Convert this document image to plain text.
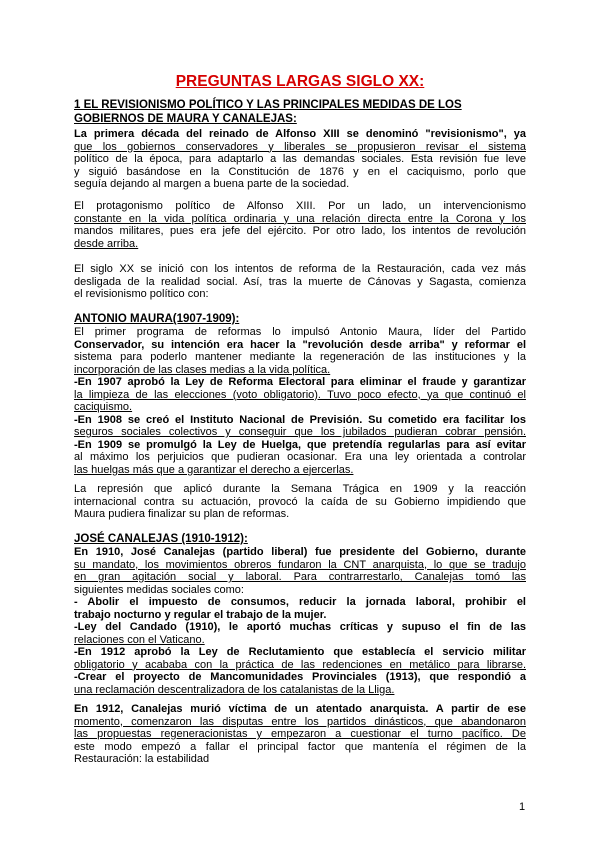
PREGUNTAS LARGAS SIGLO XX:
1 EL REVISIONISMO POLÍTICO Y LAS PRINCIPALES MEDIDAS DE LOS
GOBIERNOS DE MAURA Y CANALEJAS:
La primera década del reinado de Alfonso XIII se denominó "revisionismo", ya
que los gobiernos conservadores y liberales se propusieron revisar el sistema
político de la época, para adaptarlo a las demandas sociales. Esta revisión fue leve
y siguió basándose en la Constitución de 1876 y en el caciquismo, porlo que
seguía dejando al margen a buena parte de la sociedad.
El protagonismo político de Alfonso XIII. Por un lado, un intervencionismo
constante en la vida política ordinaria y una relación directa entre la Corona y los
mandos militares, pues era jefe del ejército. Por otro lado, los intentos de revolución
desde arriba.
El siglo XX se inició con los intentos de reforma de la Restauración, cada vez más
desligada de la realidad social. Así, tras la muerte de Cánovas y Sagasta, comienza
el revisionismo político con:
ANTONIO MAURA(1907-1909):
El primer programa de reformas lo impulsó Antonio Maura, líder del Partido
Conservador, su intención era hacer la "revolución desde arriba" y reformar el
sistema para poderlo mantener mediante la regeneración de las instituciones y la
incorporación de las clases medias a la vida política.
-En 1907 aprobó la Ley de Reforma Electoral para eliminar el fraude y garantizar
la limpieza de las elecciones (voto obligatorio). Tuvo poco efecto, ya que continuó el
caciquismo.
-En 1908 se creó el Instituto Nacional de Previsión. Su cometido era facilitar los
seguros sociales colectivos y conseguir que los jubilados pudieran cobrar pensión.
-En 1909 se promulgó la Ley de Huelga, que pretendía regularlas para así evitar
al máximo los perjuicios que pudieran ocasionar. Era una ley orientada a controlar
las huelgas más que a garantizar el derecho a ejercerlas.
La represión que aplicó durante la Semana Trágica en 1909 y la reacción
internacional contra su actuación, provocó la caída de su Gobierno impidiendo que
Maura pudiera finalizar su plan de reformas.
JOSÉ CANALEJAS (1910-1912):
En 1910, José Canalejas (partido liberal) fue presidente del Gobierno, durante
su mandato, los movimientos obreros fundaron la CNT anarquista, lo que se tradujo
en gran agitación social y laboral. Para contrarrestarlo, Canalejas tomó las
siguientes medidas sociales como:
- Abolir el impuesto de consumos, reducir la jornada laboral, prohibir el
trabajo nocturno y regular el trabajo de la mujer.
-Ley del Candado (1910), le aportó muchas críticas y supuso el fin de las
relaciones con el Vaticano.
-En 1912 aprobó la Ley de Reclutamiento que establecía el servicio militar
obligatorio y acababa con la práctica de las redenciones en metálico para librarse.
-Crear el proyecto de Mancomunidades Provinciales (1913), que respondió a
una reclamación descentralizadora de los catalanistas de la Lliga.
En 1912, Canalejas murió víctima de un atentado anarquista. A partir de ese
momento, comenzaron las disputas entre los partidos dinásticos, que abandonaron
las propuestas regeneracionistas y empezaron a cuestionar el turno pacífico. De
este modo empezó a fallar el principal factor que mantenía el régimen de la
Restauración: la estabilidad
1
